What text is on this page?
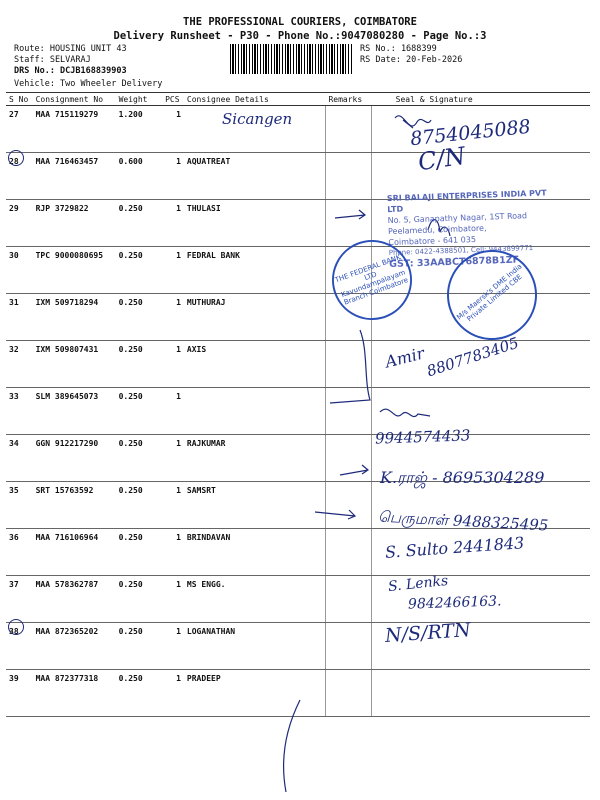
THE PROFESSIONAL COURIERS, COIMBATORE
Delivery Runsheet - P30 - Phone No.:9047080280 - Page No.:3
Route: HOUSING UNIT 43
Staff: SELVARAJ
DRS No.: DCJB168839903
RS No.: 1688399
RS Date: 20-Feb-2026
Vehicle: Two Wheeler Delivery
S No	Consignment No	Weight	PCS	Consignee Details	Remarks	Seal & Signature
27	MAA 715119279	1.200	1			
28	MAA 716463457	0.600	1	AQUATREAT		
29	RJP 3729822	0.250	1	THULASI		
30	TPC 9000080695	0.250	1	FEDRAL BANK		
31	IXM 509718294	0.250	1	MUTHURAJ		
32	IXM 509807431	0.250	1	AXIS		
33	SLM 389645073	0.250	1			
34	GGN 912217290	0.250	1	RAJKUMAR		
35	SRT 15763592	0.250	1	SAMSRT		
36	MAA 716106964	0.250	1	BRINDAVAN		
37	MAA 578362787	0.250	1	MS ENGG.		
38	MAA 872365202	0.250	1	LOGANATHAN		
39	MAA 872377318	0.250	1	PRADEEP		
Sicangen	8754045088
C/N
SRI BALAJI ENTERPRISES INDIA PVT LTD
No. 5, Ganapathy Nagar, 1ST Road
Peelamedu, Coimbatore,
Coimbatore - 641 035
Phone: 0422-4388501, Cell: 9443899771
GST: 33AABCT6878B1ZF
THE FEDERAL BANK LTD Kavundampalayam Branch Coimbatore	M/s Maersk's DME India Private Limited CBE
Amir
8807783405
9944574433
K.ராஜ் - 8695304289
பெருமாள் 9488325495
S. Sulto 2441843
S. Lenks
9842466163.
N/S/RTN
